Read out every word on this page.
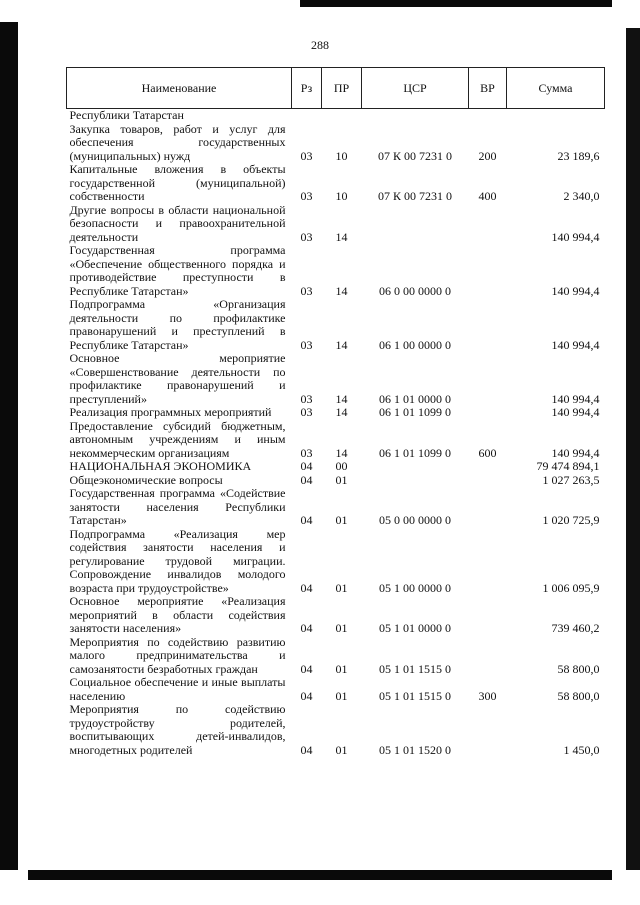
288
Наименование	Рз	ПР	ЦСР	ВР	Сумма
Республики Татарстан					
Закупка товаров, работ и услуг для обеспечения государственных (муниципальных) нужд	03	10	07 К 00 7231 0	200	23 189,6
Капитальные вложения в объекты государственной (муниципальной) собственности	03	10	07 К 00 7231 0	400	2 340,0
Другие вопросы в области национальной безопасности и правоохранительной деятельности	03	14			140 994,4
Государственная программа «Обеспечение общественного порядка и противодействие преступности в Республике Татарстан»	03	14	06 0 00 0000 0		140 994,4
Подпрограмма «Организация деятельности по профилактике правонарушений и преступлений в Республике Татарстан»	03	14	06 1 00 0000 0		140 994,4
Основное мероприятие «Совершенствование деятельности по профилактике правонарушений и преступлений»	03	14	06 1 01 0000 0		140 994,4
Реализация программных мероприятий	03	14	06 1 01 1099 0		140 994,4
Предоставление субсидий бюджетным, автономным учреждениям и иным некоммерческим организациям	03	14	06 1 01 1099 0	600	140 994,4
НАЦИОНАЛЬНАЯ ЭКОНОМИКА	04	00			79 474 894,1
Общеэкономические вопросы	04	01			1 027 263,5
Государственная программа «Содействие занятости населения Республики Татарстан»	04	01	05 0 00 0000 0		1 020 725,9
Подпрограмма «Реализация мер содействия занятости населения и регулирование трудовой миграции. Сопровождение инвалидов молодого возраста при трудоустройстве»	04	01	05 1 00 0000 0		1 006 095,9
Основное мероприятие «Реализация мероприятий в области содействия занятости населения»	04	01	05 1 01 0000 0		739 460,2
Мероприятия по содействию развитию малого предпринимательства и самозанятости безработных граждан	04	01	05 1 01 1515 0		58 800,0
Социальное обеспечение и иные выплаты населению	04	01	05 1 01 1515 0	300	58 800,0
Мероприятия по содействию трудоустройству родителей, воспитывающих детей-инвалидов, многодетных родителей	04	01	05 1 01 1520 0		1 450,0
